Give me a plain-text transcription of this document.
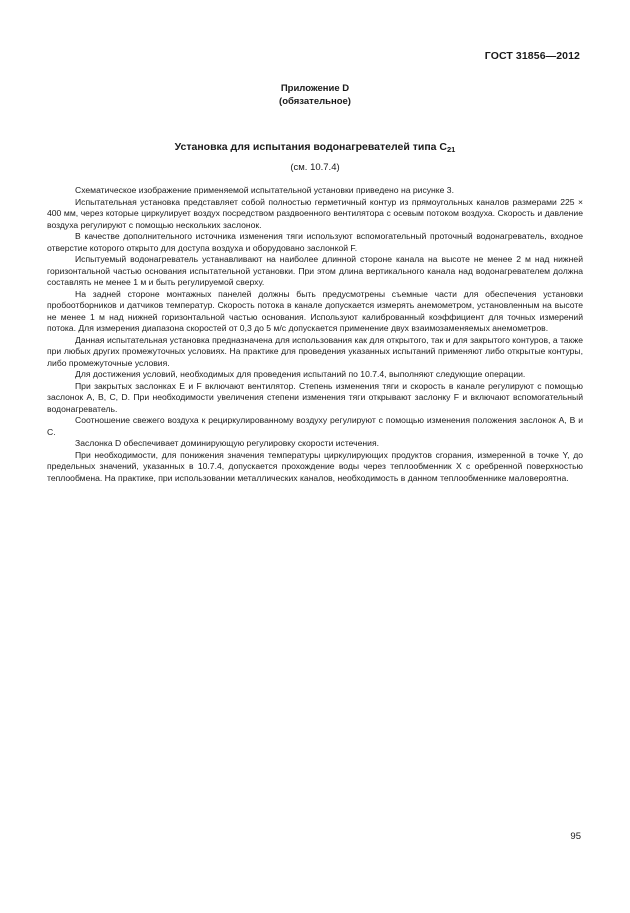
ГОСТ 31856—2012
Приложение D
(обязательное)
Установка для испытания водонагревателей типа $С_{21}$
(см. 10.7.4)

Схематическое изображение применяемой испытательной установки приведено на рисунке 3.

Испытательная установка представляет собой полностью герметичный контур из прямоугольных каналов размерами 225 × 400 мм, через которые циркулирует воздух посредством раздвоенного вентилятора с осевым потоком воздуха. Скорость и давление воздуха регулируют с помощью нескольких заслонок.

В качестве дополнительного источника изменения тяги используют вспомогательный проточный водонагреватель, входное отверстие которого открыто для доступа воздуха и оборудовано заслонкой F.

Испытуемый водонагреватель устанавливают на наиболее длинной стороне канала на высоте не менее 2 м над нижней горизонтальной частью основания испытательной установки. При этом длина вертикального канала над водонагревателем должна составлять не менее 1 м и быть регулируемой сверху.

На задней стороне монтажных панелей должны быть предусмотрены съемные части для обеспечения установки пробоотборников и датчиков температур. Скорость потока в канале допускается измерять анемометром, установленным на высоте не менее 1 м над нижней горизонтальной частью основания. Используют калиброванный коэффициент для точных измерений потока. Для измерения диапазона скоростей от 0,3 до 5 м/с допускается применение двух взаимозаменяемых анемометров.

Данная испытательная установка предназначена для использования как для открытого, так и для закрытого контуров, а также при любых других промежуточных условиях. На практике для проведения указанных испытаний применяют либо открытые контуры, либо промежуточные условия.

Для достижения условий, необходимых для проведения испытаний по 10.7.4, выполняют следующие операции.

При закрытых заслонках E и F включают вентилятор. Степень изменения тяги и скорость в канале регулируют с помощью заслонок A, B, C, D. При необходимости увеличения степени изменения тяги открывают заслонку F и включают вспомогательный водонагреватель.

Соотношение свежего воздуха к рециркулированному воздуху регулируют с помощью изменения положения заслонок A, B и C.

Заслонка D обеспечивает доминирующую регулировку скорости истечения.

При необходимости, для понижения значения температуры циркулирующих продуктов сгорания, измеренной в точке Y, до предельных значений, указанных в 10.7.4, допускается прохождение воды через теплообменник X с оребренной поверхностью теплообмена. На практике, при использовании металлических каналов, необходимость в данном теплообменнике маловероятна.

95
